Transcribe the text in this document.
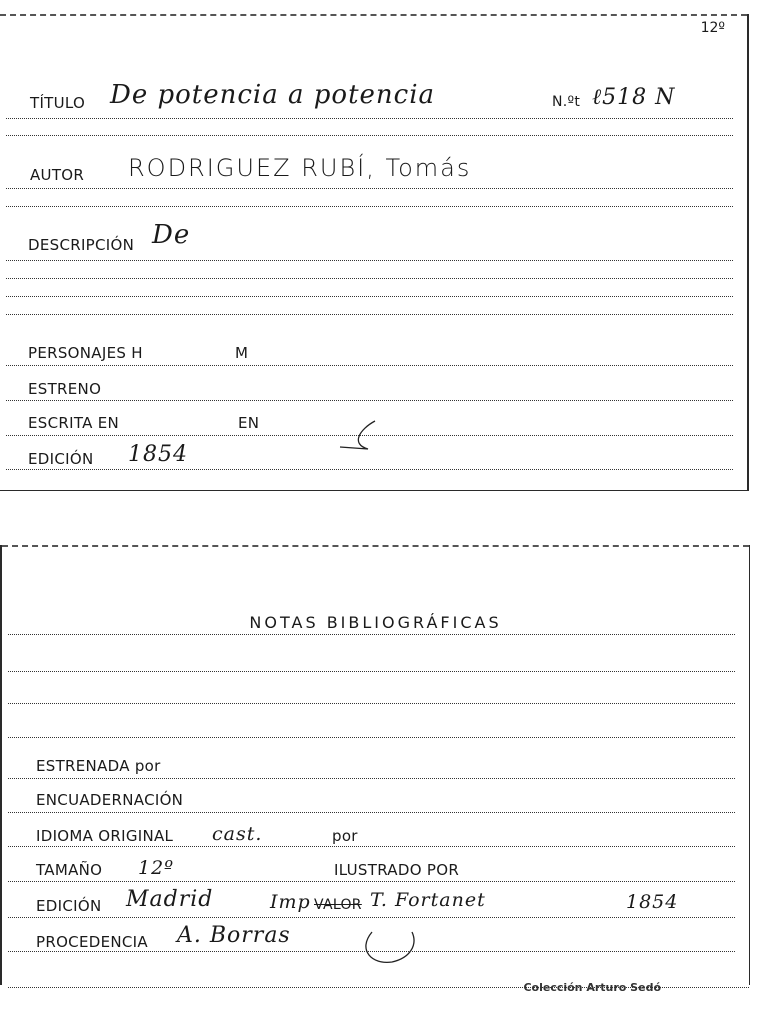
12º
TÍTULO De potencia a potencia	N.ºt ℓ518 N
AUTOR RODRIGUEZ RUBÍ, Tomás
DESCRIPCIÓN De
PERSONAJES H	M
ESTRENO
ESCRITA EN	EN
EDICIÓN 1854
NOTAS BIBLIOGRÁFICAS
ESTRENADA por
ENCUADERNACIÓN
IDIOMA ORIGINAL cast.	por
TAMAÑO 12º	ILUSTRADO POR
EDICIÓN Madrid	Imp VALOR T. Fortanet	1854
PROCEDENCIA A. Borras
Colección Arturo Sedó
